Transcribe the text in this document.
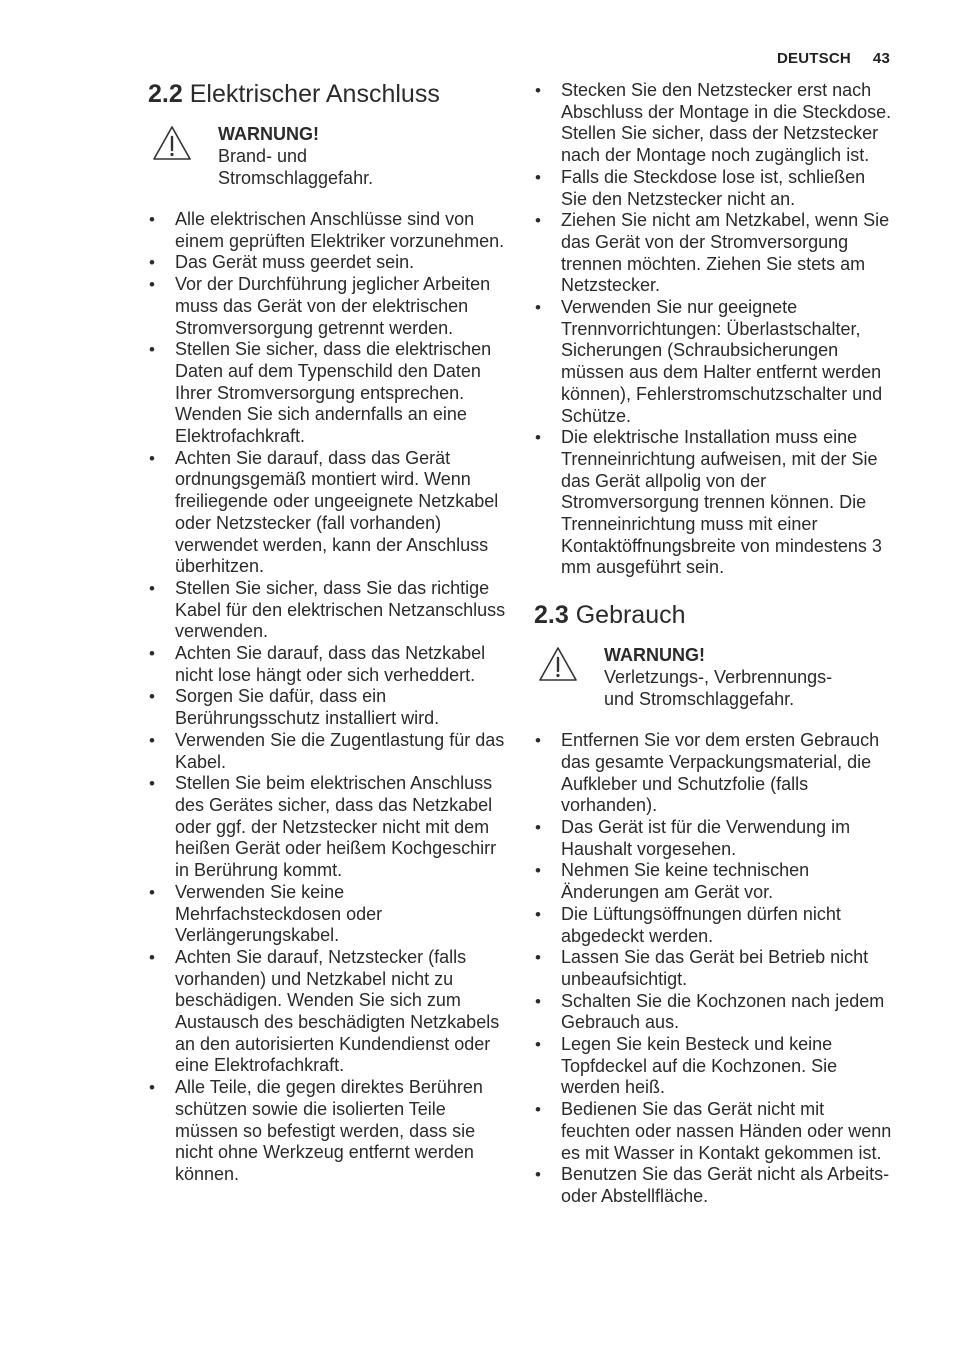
DEUTSCH 43
2.2 Elektrischer Anschluss
WARNUNG!
Brand- und
Stromschlaggefahr.
• Alle elektrischen Anschlüsse sind von einem geprüften Elektriker vorzunehmen.
• Das Gerät muss geerdet sein.
• Vor der Durchführung jeglicher Arbeiten muss das Gerät von der elektrischen Stromversorgung getrennt werden.
• Stellen Sie sicher, dass die elektrischen Daten auf dem Typenschild den Daten Ihrer Stromversorgung entsprechen. Wenden Sie sich andernfalls an eine Elektrofachkraft.
• Achten Sie darauf, dass das Gerät ordnungsgemäß montiert wird. Wenn freiliegende oder ungeeignete Netzkabel oder Netzstecker (fall vorhanden) verwendet werden, kann der Anschluss überhitzen.
• Stellen Sie sicher, dass Sie das richtige Kabel für den elektrischen Netzanschluss verwenden.
• Achten Sie darauf, dass das Netzkabel nicht lose hängt oder sich verheddert.
• Sorgen Sie dafür, dass ein Berührungsschutz installiert wird.
• Verwenden Sie die Zugentlastung für das Kabel.
• Stellen Sie beim elektrischen Anschluss des Gerätes sicher, dass das Netzkabel oder ggf. der Netzstecker nicht mit dem heißen Gerät oder heißem Kochgeschirr in Berührung kommt.
• Verwenden Sie keine Mehrfachsteckdosen oder Verlängerungskabel.
• Achten Sie darauf, Netzstecker (falls vorhanden) und Netzkabel nicht zu beschädigen. Wenden Sie sich zum Austausch des beschädigten Netzkabels an den autorisierten Kundendienst oder eine Elektrofachkraft.
• Alle Teile, die gegen direktes Berühren schützen sowie die isolierten Teile müssen so befestigt werden, dass sie nicht ohne Werkzeug entfernt werden können.
• Stecken Sie den Netzstecker erst nach Abschluss der Montage in die Steckdose. Stellen Sie sicher, dass der Netzstecker nach der Montage noch zugänglich ist.
• Falls die Steckdose lose ist, schließen Sie den Netzstecker nicht an.
• Ziehen Sie nicht am Netzkabel, wenn Sie das Gerät von der Stromversorgung trennen möchten. Ziehen Sie stets am Netzstecker.
• Verwenden Sie nur geeignete Trennvorrichtungen: Überlastschalter, Sicherungen (Schraubsicherungen müssen aus dem Halter entfernt werden können), Fehlerstromschutzschalter und Schütze.
• Die elektrische Installation muss eine Trenneinrichtung aufweisen, mit der Sie das Gerät allpolig von der Stromversorgung trennen können. Die Trenneinrichtung muss mit einer Kontaktöffnungsbreite von mindestens 3 mm ausgeführt sein.
2.3 Gebrauch
WARNUNG!
Verletzungs-, Verbrennungs-
und Stromschlaggefahr.
• Entfernen Sie vor dem ersten Gebrauch das gesamte Verpackungsmaterial, die Aufkleber und Schutzfolie (falls vorhanden).
• Das Gerät ist für die Verwendung im Haushalt vorgesehen.
• Nehmen Sie keine technischen Änderungen am Gerät vor.
• Die Lüftungsöffnungen dürfen nicht abgedeckt werden.
• Lassen Sie das Gerät bei Betrieb nicht unbeaufsichtigt.
• Schalten Sie die Kochzonen nach jedem Gebrauch aus.
• Legen Sie kein Besteck und keine Topfdeckel auf die Kochzonen. Sie werden heiß.
• Bedienen Sie das Gerät nicht mit feuchten oder nassen Händen oder wenn es mit Wasser in Kontakt gekommen ist.
• Benutzen Sie das Gerät nicht als Arbeits- oder Abstellfläche.
